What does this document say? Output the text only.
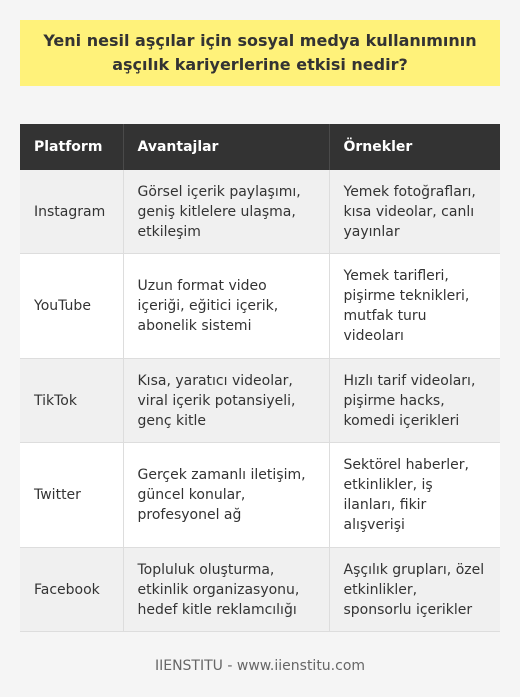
Yeni nesil aşçılar için sosyal medya kullanımının aşçılık kariyerlerine etkisi nedir?
Platform	Avantajlar	Örnekler
Instagram	Görsel içerik paylaşımı, geniş kitlelere ulaşma, etkileşim	Yemek fotoğrafları, kısa videolar, canlı yayınlar
YouTube	Uzun format video içeriği, eğitici içerik, abonelik sistemi	Yemek tarifleri, pişirme teknikleri, mutfak turu videoları
TikTok	Kısa, yaratıcı videolar, viral içerik potansiyeli, genç kitle	Hızlı tarif videoları, pişirme hacks, komedi içerikleri
Twitter	Gerçek zamanlı iletişim, güncel konular, profesyonel ağ	Sektörel haberler, etkinlikler, iş ilanları, fikir alışverişi
Facebook	Topluluk oluşturma, etkinlik organizasyonu, hedef kitle reklamcılığı	Aşçılık grupları, özel etkinlikler, sponsorlu içerikler
IIENSTITU - www.iienstitu.com
